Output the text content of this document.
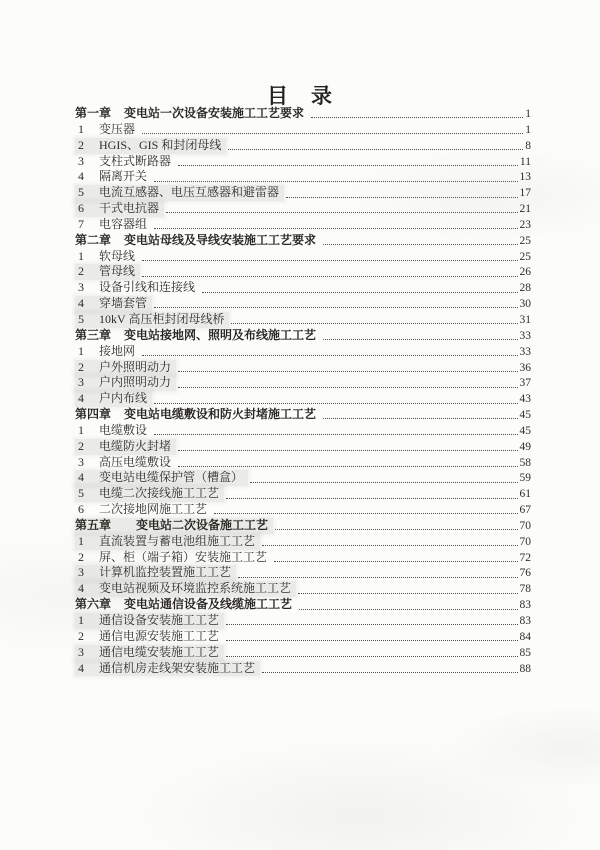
目　录
第一章 变电站一次设备安装施工工艺要求	1
1	变压器	1
2	HGIS、GIS 和封闭母线	8
3	支柱式断路器	11
4	隔离开关	13
5	电流互感器、电压互感器和避雷器	17
6	干式电抗器	21
7	电容器组	23
第二章 变电站母线及导线安装施工工艺要求	25
1	软母线	25
2	管母线	26
3	设备引线和连接线	28
4	穿墙套管	30
5	10kV 高压柜封闭母线桥	31
第三章 变电站接地网、照明及布线施工工艺	33
1	接地网	33
2	户外照明动力	36
3	户内照明动力	37
4	户内布线	43
第四章 变电站电缆敷设和防火封堵施工工艺	45
1	电缆敷设	45
2	电缆防火封堵	49
3	高压电缆敷设	58
4	变电站电缆保护管（槽盒）	59
5	电缆二次接线施工工艺	61
6	二次接地网施工工艺	67
第五章 　变电站二次设备施工工艺	70
1	直流装置与蓄电池组施工工艺	70
2	屏、柜（端子箱）安装施工工艺	72
3	计算机监控装置施工工艺	76
4	变电站视频及环境监控系统施工工艺	78
第六章 变电站通信设备及线缆施工工艺	83
1	通信设备安装施工工艺	83
2	通信电源安装施工工艺	84
3	通信电缆安装施工工艺	85
4	通信机房走线架安装施工工艺	88
